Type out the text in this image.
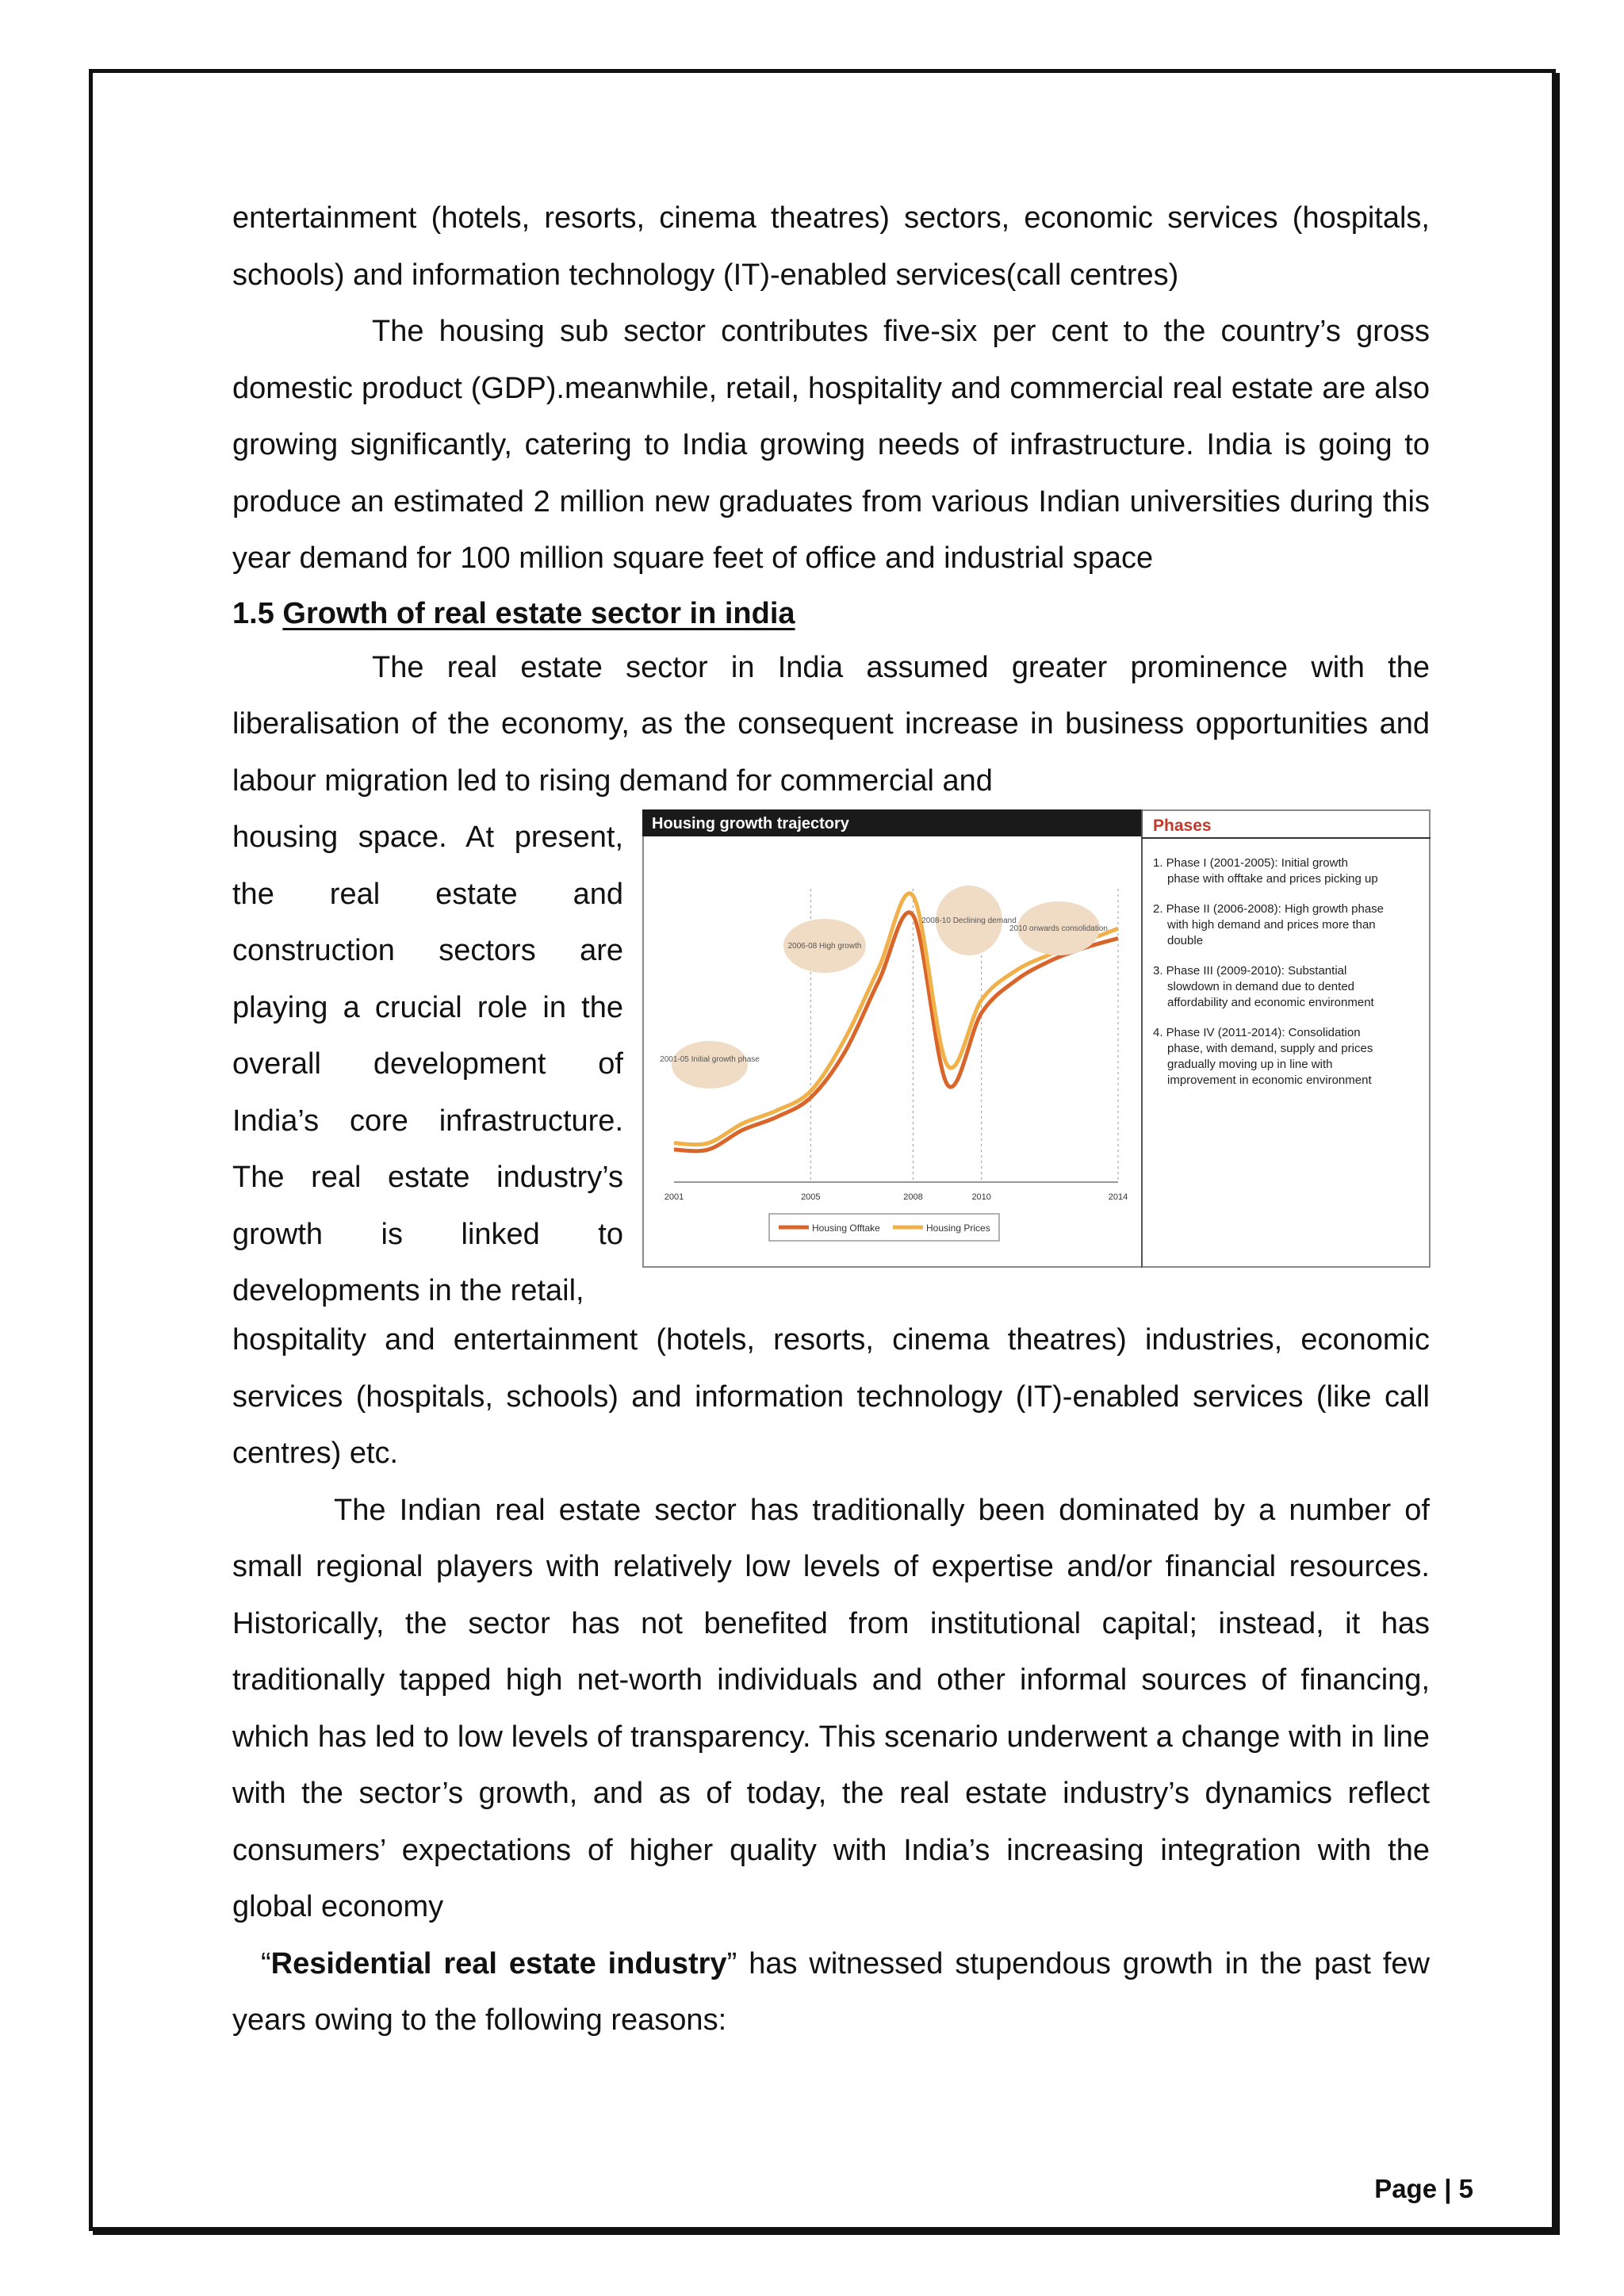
entertainment (hotels, resorts, cinema theatres) sectors, economic services (hospitals, schools) and information technology (IT)-enabled services(call centres)

The housing sub sector contributes five-six per cent to the country’s gross domestic product (GDP).meanwhile, retail, hospitality and commercial real estate are also growing significantly, catering to India growing needs of infrastructure. India is going to produce an estimated 2 million new graduates from various Indian universities during this year demand for 100 million square feet of office and industrial space

1.5 Growth of real estate sector in india

The real estate sector in India assumed greater prominence with the liberalisation of the economy, as the consequent increase in business opportunities and labour migration led to rising demand for commercial and

housing space. At present, the real estate and construction sectors are playing a crucial role in the overall development of India’s core infrastructure. The real estate industry’s growth is linked to developments in the retail,

Housing growth trajectory	Phases
1. Phase I (2001-2005): Initial growth phase with offtake and prices picking up
2. Phase II (2006-2008): High growth phase with high demand and prices more than double
3. Phase III (2009-2010): Substantial slowdown in demand due to dented affordability and economic environment
4. Phase IV (2011-2014): Consolidation phase, with demand, supply and prices gradually moving up in line with improvement in economic environment
2001	2005	2008	2010	2014
2001-05 Initial growth phase
2006-08 High growth
2008-10 Declining demand
2010 onwards consolidation
Housing Offtake	Housing Prices

hospitality and entertainment (hotels, resorts, cinema theatres) industries, economic services (hospitals, schools) and information technology (IT)-enabled services (like call centres) etc.

The Indian real estate sector has traditionally been dominated by a number of small regional players with relatively low levels of expertise and/or financial resources. Historically, the sector has not benefited from institutional capital; instead, it has traditionally tapped high net-worth individuals and other informal sources of financing, which has led to low levels of transparency. This scenario underwent a change with in line with the sector’s growth, and as of today, the real estate industry’s dynamics reflect consumers’ expectations of higher quality with India’s increasing integration with the global economy

“Residential real estate industry” has witnessed stupendous growth in the past few years owing to the following reasons:

Page | 5
